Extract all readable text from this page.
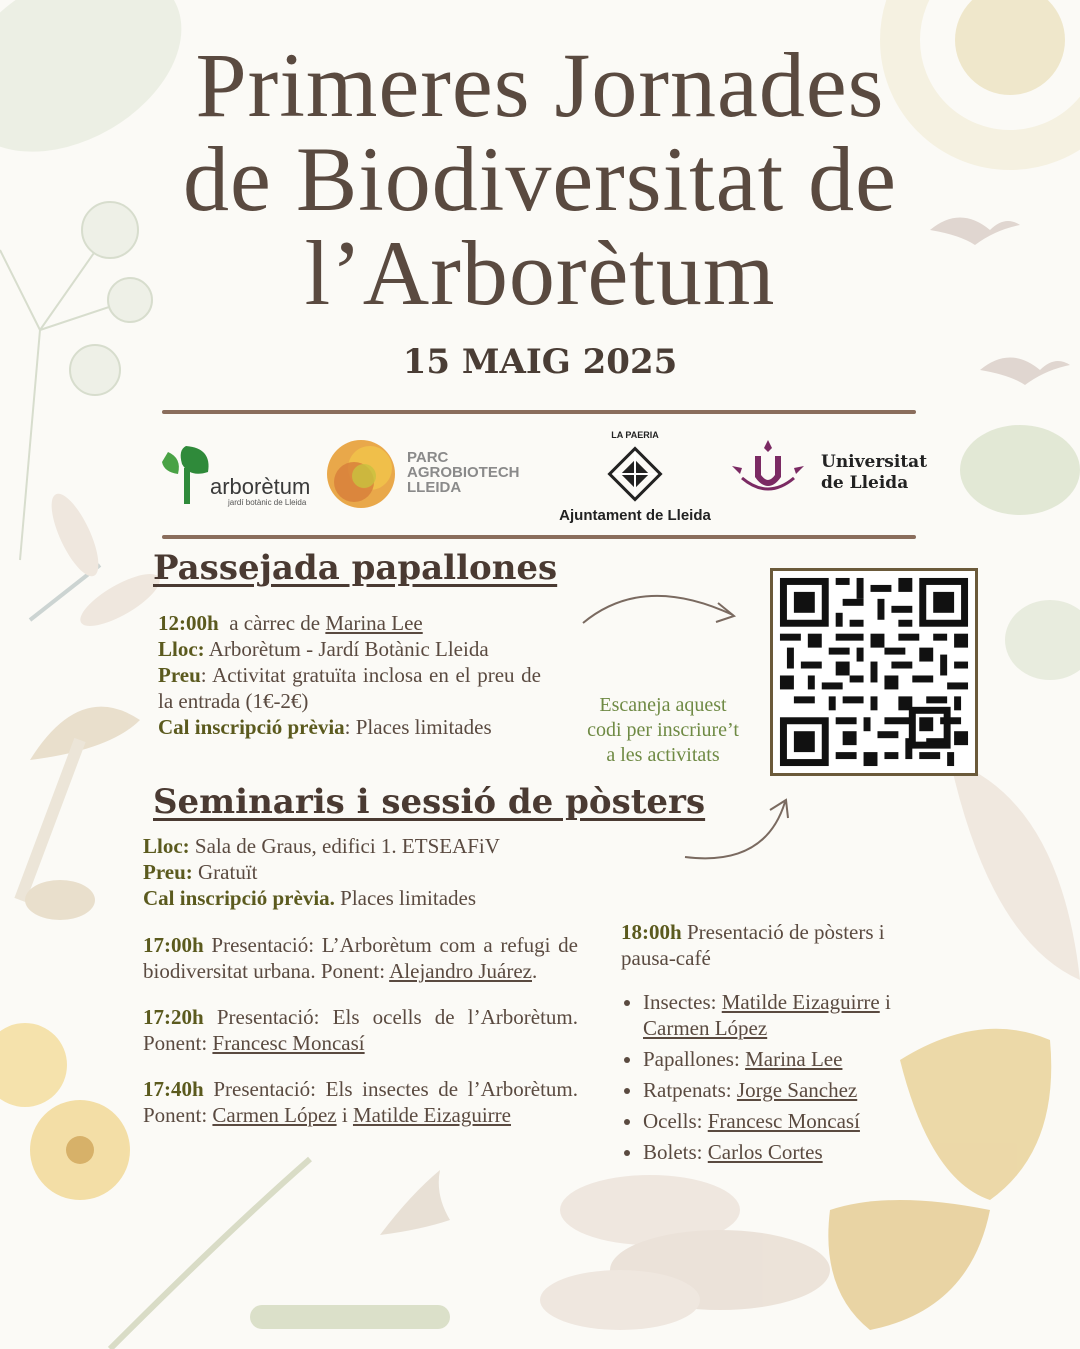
Primeres Jornades
de Biodiversitat de
l’Arborètum
15 MAIG 2025
arborètum
jardí botànic de Lleida
PARC
AGROBIOTECH
LLEIDA
LA PAERIA
Ajuntament de Lleida
Universitat
de Lleida
Passejada papallones
12:00h a càrrec de Marina Lee
Lloc: Arborètum - Jardí Botànic Lleida
Preu: Activitat gratuïta inclosa en el preu de la entrada (1€-2€)
Cal inscripció prèvia: Places limitades
Escaneja aquest
codi per inscriure’t
a les activitats
Seminaris i sessió de pòsters
Lloc: Sala de Graus, edifici 1. ETSEAFiV
Preu: Gratuït
Cal inscripció prèvia. Places limitades
17:00h Presentació: L’Arborètum com a refugi de biodiversitat urbana. Ponent: Alejandro Juárez.
17:20h Presentació: Els ocells de l’Arborètum. Ponent: Francesc Moncasí
17:40h Presentació: Els insectes de l’Arborètum. Ponent: Carmen López i Matilde Eizaguirre
18:00h Presentació de pòsters i pausa-café
• Insectes: Matilde Eizaguirre i Carmen López
• Papallones: Marina Lee
• Ratpenats: Jorge Sanchez
• Ocells: Francesc Moncasí
• Bolets: Carlos Cortes
